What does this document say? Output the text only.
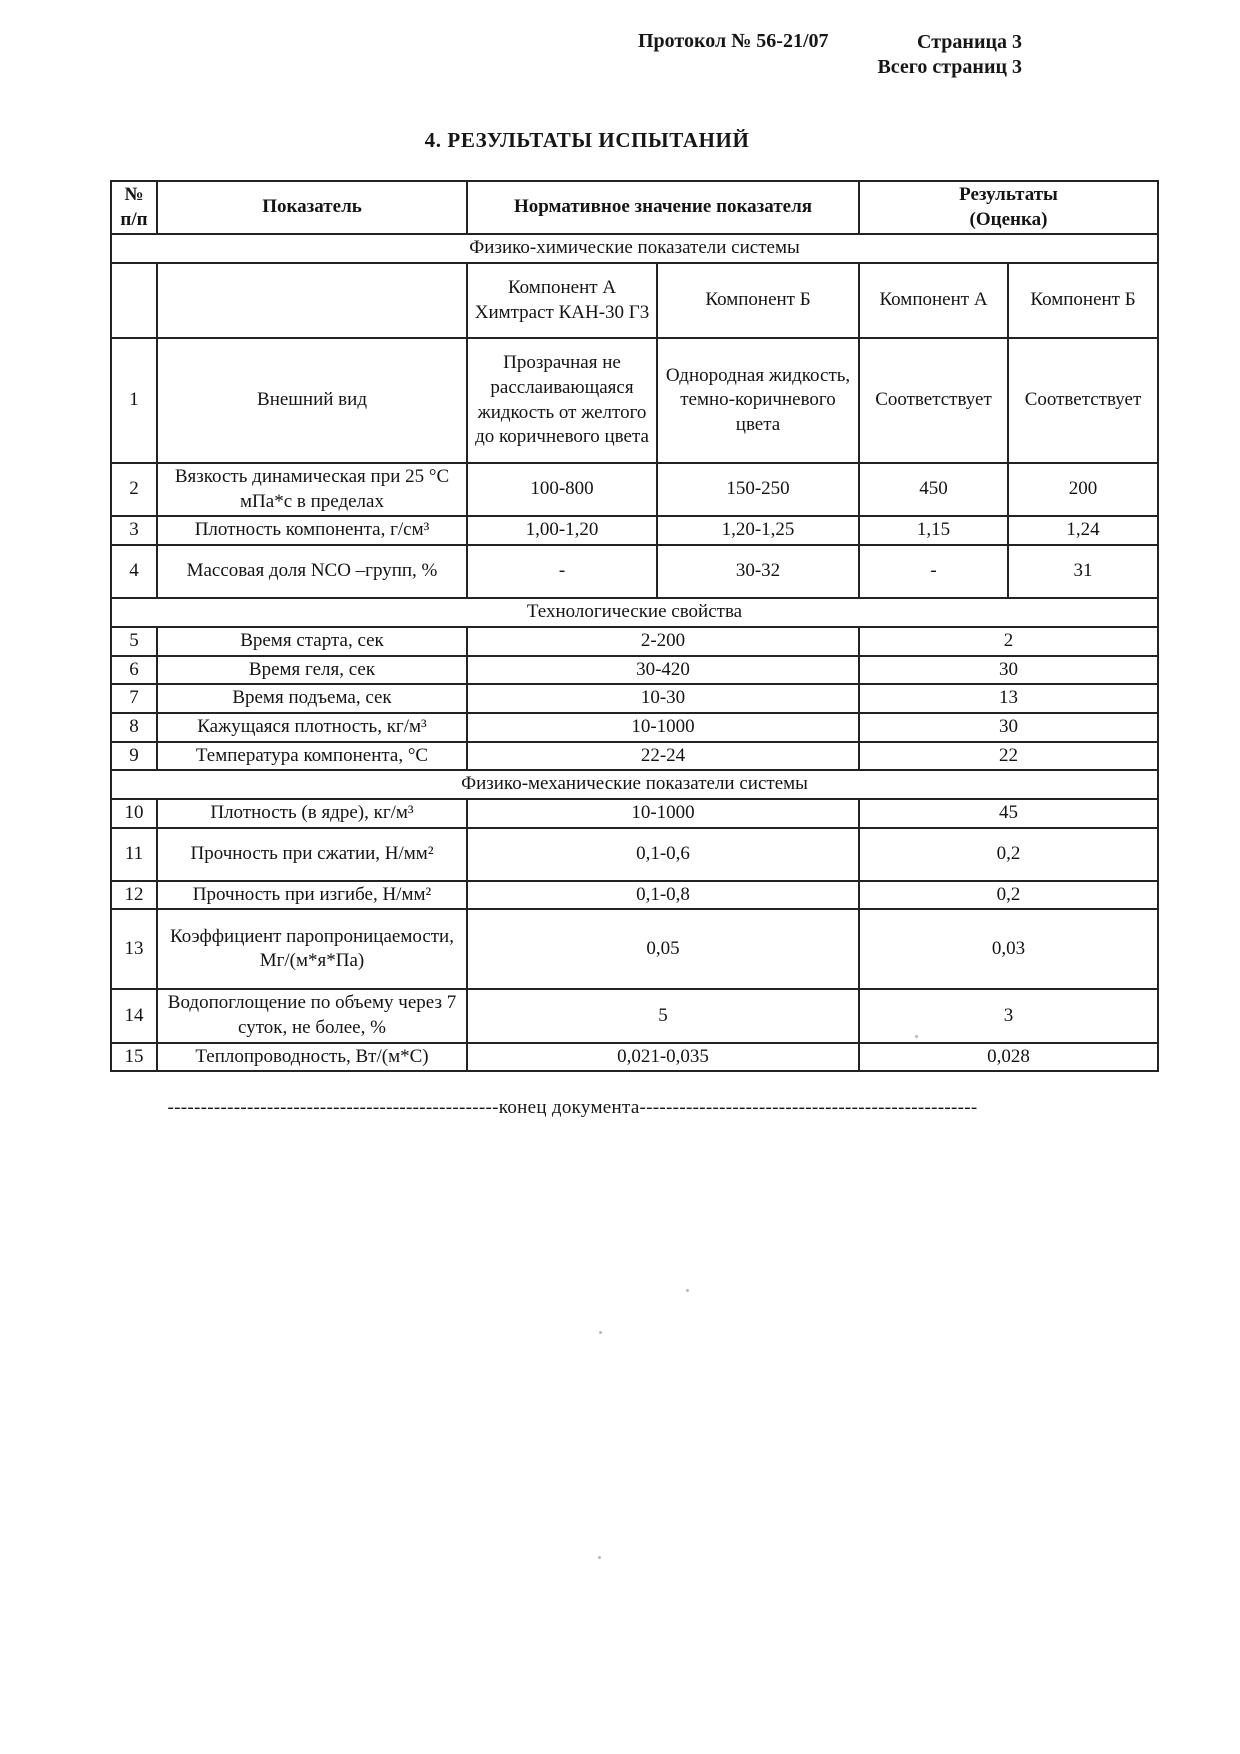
Протокол № 56-21/07	Страница 3
Всего страниц 3
4. РЕЗУЛЬТАТЫ ИСПЫТАНИЙ
№
п/п	Показатель	Нормативное значение показателя		Результаты
(Оценка)	
Физико-химические показатели системы					
		Компонент А Химтраст КАН-30 Г3	Компонент Б	Компонент А	Компонент Б
1	Внешний вид	Прозрачная не расслаивающаяся жидкость от желтого до коричневого цвета	Однородная жидкость, темно-коричневого цвета	Соответствует	Соответствует
2	Вязкость динамическая при 25 °С мПа*с в пределах	100-800	150-250	450	200
3	Плотность компонента, г/см³	1,00-1,20	1,20-1,25	1,15	1,24
4	Массовая доля NCO –групп, %	-	30-32	-	31
Технологические свойства					
5	Время старта, сек	2-200		2	
6	Время геля, сек	30-420		30	
7	Время подъема, сек	10-30		13	
8	Кажущаяся плотность, кг/м³	10-1000		30	
9	Температура компонента, °С	22-24		22	
Физико-механические показатели системы					
10	Плотность (в ядре), кг/м³	10-1000		45	
11	Прочность при сжатии, Н/мм²	0,1-0,6		0,2	
12	Прочность при изгибе, Н/мм²	0,1-0,8		0,2	
13	Коэффициент паропроницаемости, Мг/(м*я*Па)	0,05		0,03	
14	Водопоглощение по объему через 7 суток, не более, %	5		3	
15	Теплопроводность, Вт/(м*С)	0,021-0,035		0,028	
--------------------------------------------------конец документа---------------------------------------------------
